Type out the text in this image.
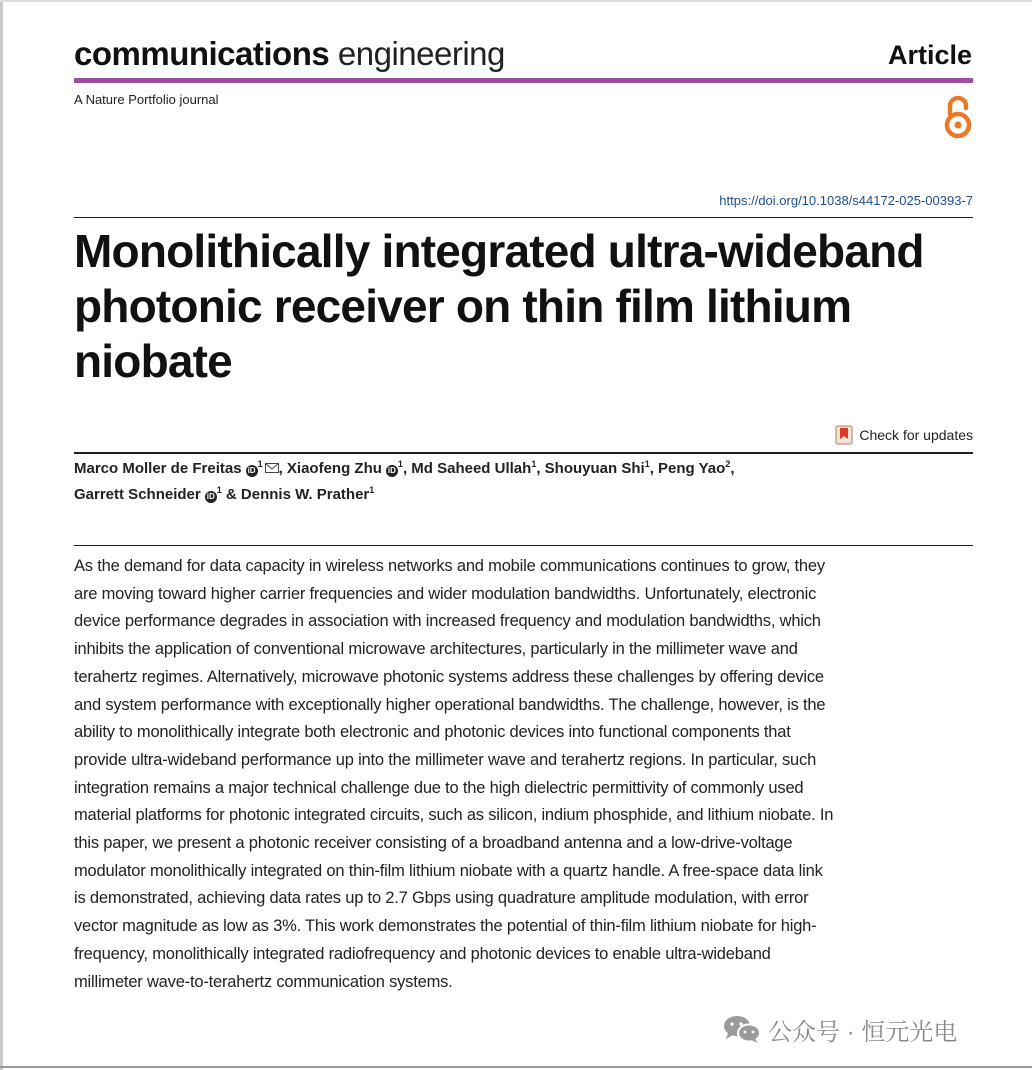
communications engineering	Article
A Nature Portfolio journal
https://doi.org/10.1038/s44172-025-00393-7
Monolithically integrated ultra-wideband photonic receiver on thin film lithium niobate
Check for updates
Marco Moller de Freitas $iD^1$ , Xiaofeng Zhu $iD^1$, Md Saheed Ullah$^1$, Shouyuan Shi$^1$, Peng Yao$^2$,
Garrett Schneider $iD^1$ & Dennis W. Prather$^1$

As the demand for data capacity in wireless networks and mobile communications continues to grow, they are moving toward higher carrier frequencies and wider modulation bandwidths. Unfortunately, electronic device performance degrades in association with increased frequency and modulation bandwidths, which inhibits the application of conventional microwave architectures, particularly in the millimeter wave and terahertz regimes. Alternatively, microwave photonic systems address these challenges by offering device and system performance with exceptionally higher operational bandwidths. The challenge, however, is the ability to monolithically integrate both electronic and photonic devices into functional components that provide ultra-wideband performance up into the millimeter wave and terahertz regions. In particular, such integration remains a major technical challenge due to the high dielectric permittivity of commonly used material platforms for photonic integrated circuits, such as silicon, indium phosphide, and lithium niobate. In this paper, we present a photonic receiver consisting of a broadband antenna and a low-drive-voltage modulator monolithically integrated on thin-film lithium niobate with a quartz handle. A free-space data link is demonstrated, achieving data rates up to 2.7 Gbps using quadrature amplitude modulation, with error vector magnitude as low as 3%. This work demonstrates the potential of thin-film lithium niobate for high-frequency, monolithically integrated radiofrequency and photonic devices to enable ultra-wideband millimeter wave-to-terahertz communication systems.

公众号 · 恒元光电
